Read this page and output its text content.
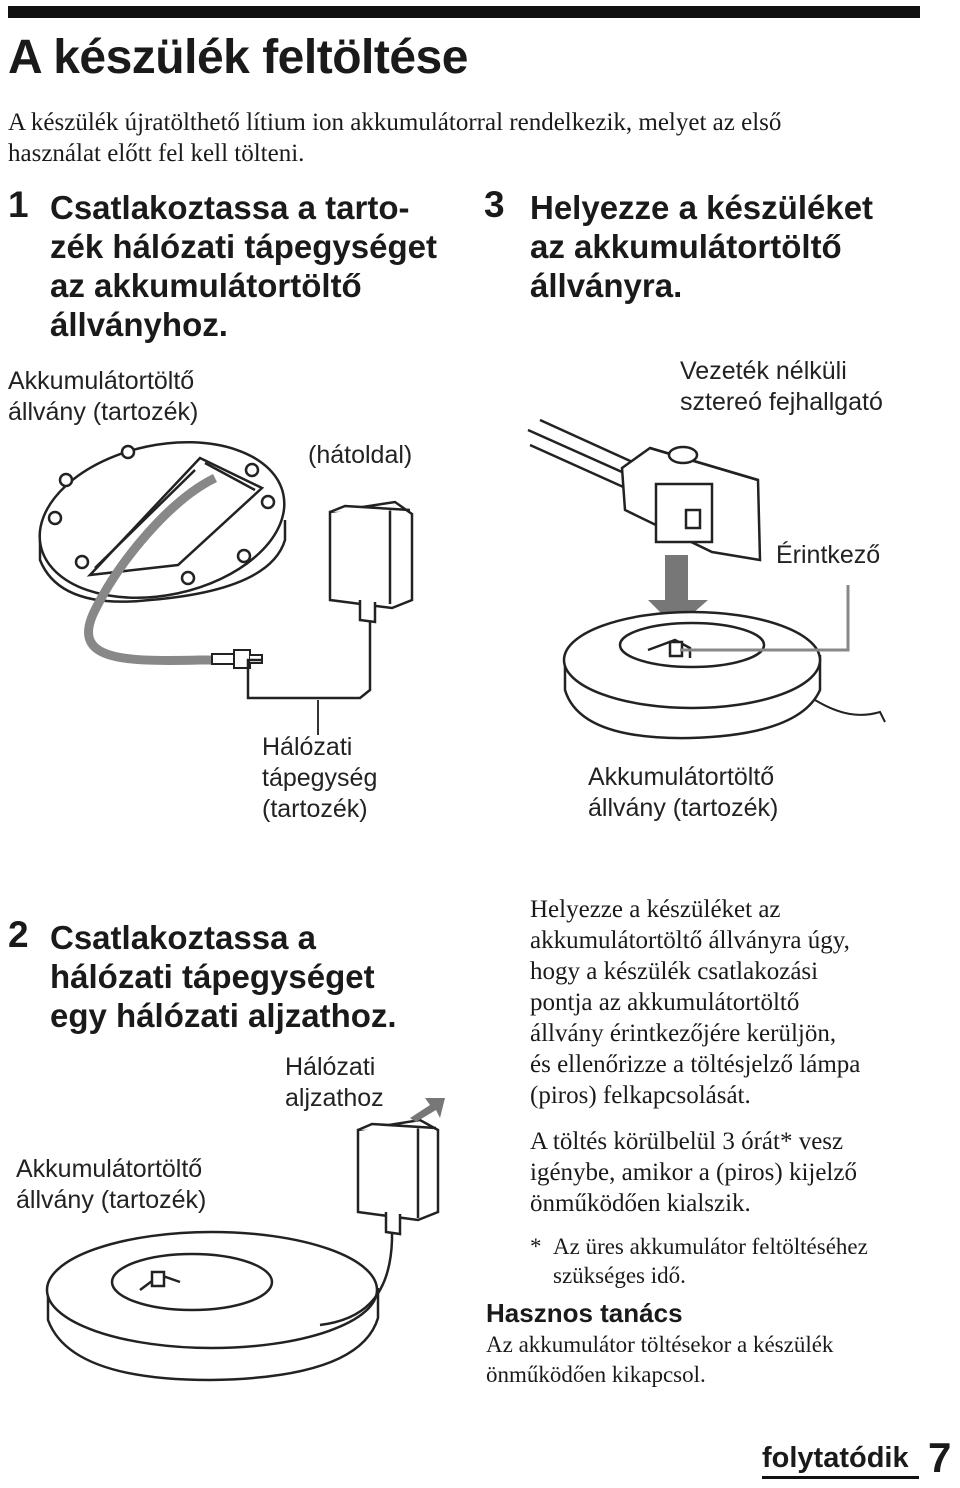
A készülék feltöltése
A készülék újratölthető lítium ion akkumulátorral rendelkezik, melyet az első
használat előtt fel kell tölteni.
1 Csatlakoztassa a tarto-
zék hálózati tápegységet
az akkumulátortöltő
állványhoz.
Akkumulátortöltő
állvány (tartozék)
(hátoldal)
Hálózati
tápegység
(tartozék)
3 Helyezze a készüléket
az akkumulátortöltő
állványra.
Vezeték nélküli
sztereó fejhallgató
Érintkező
Akkumulátortöltő
állvány (tartozék)
2 Csatlakoztassa a
hálózati tápegységet
egy hálózati aljzathoz.
Hálózati
aljzathoz
Akkumulátortöltő
állvány (tartozék)
Helyezze a készüléket az
akkumulátortöltő állványra úgy,
hogy a készülék csatlakozási
pontja az akkumulátortöltő
állvány érintkezőjére kerüljön,
és ellenőrizze a töltésjelző lámpa
(piros) felkapcsolását.
A töltés körülbelül 3 órát* vesz
igénybe, amikor a (piros) kijelző
önműködően kialszik.
* Az üres akkumulátor feltöltéséhez
szükséges idő.
Hasznos tanács
Az akkumulátor töltésekor a készülék
önműködően kikapcsol.
folytatódik 7
